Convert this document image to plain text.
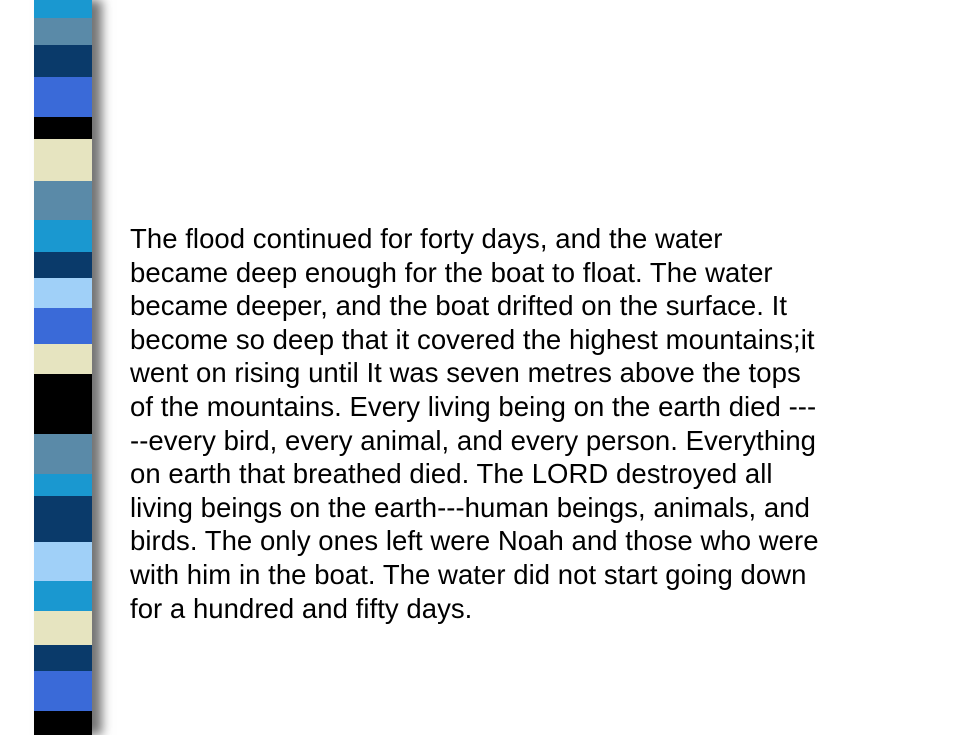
The flood continued for forty days, and the water
became deep enough for the boat to float. The water
became deeper, and the boat drifted on the surface. It
become so deep that it covered the highest mountains;it
went on rising until It was seven metres above the tops
of the mountains. Every living being on the earth died ---
--every bird, every animal, and every person. Everything
on earth that breathed died. The LORD destroyed all
living beings on the earth---human beings, animals, and
birds. The only ones left were Noah and those who were
with him in the boat. The water did not start going down
for a hundred and fifty days.
